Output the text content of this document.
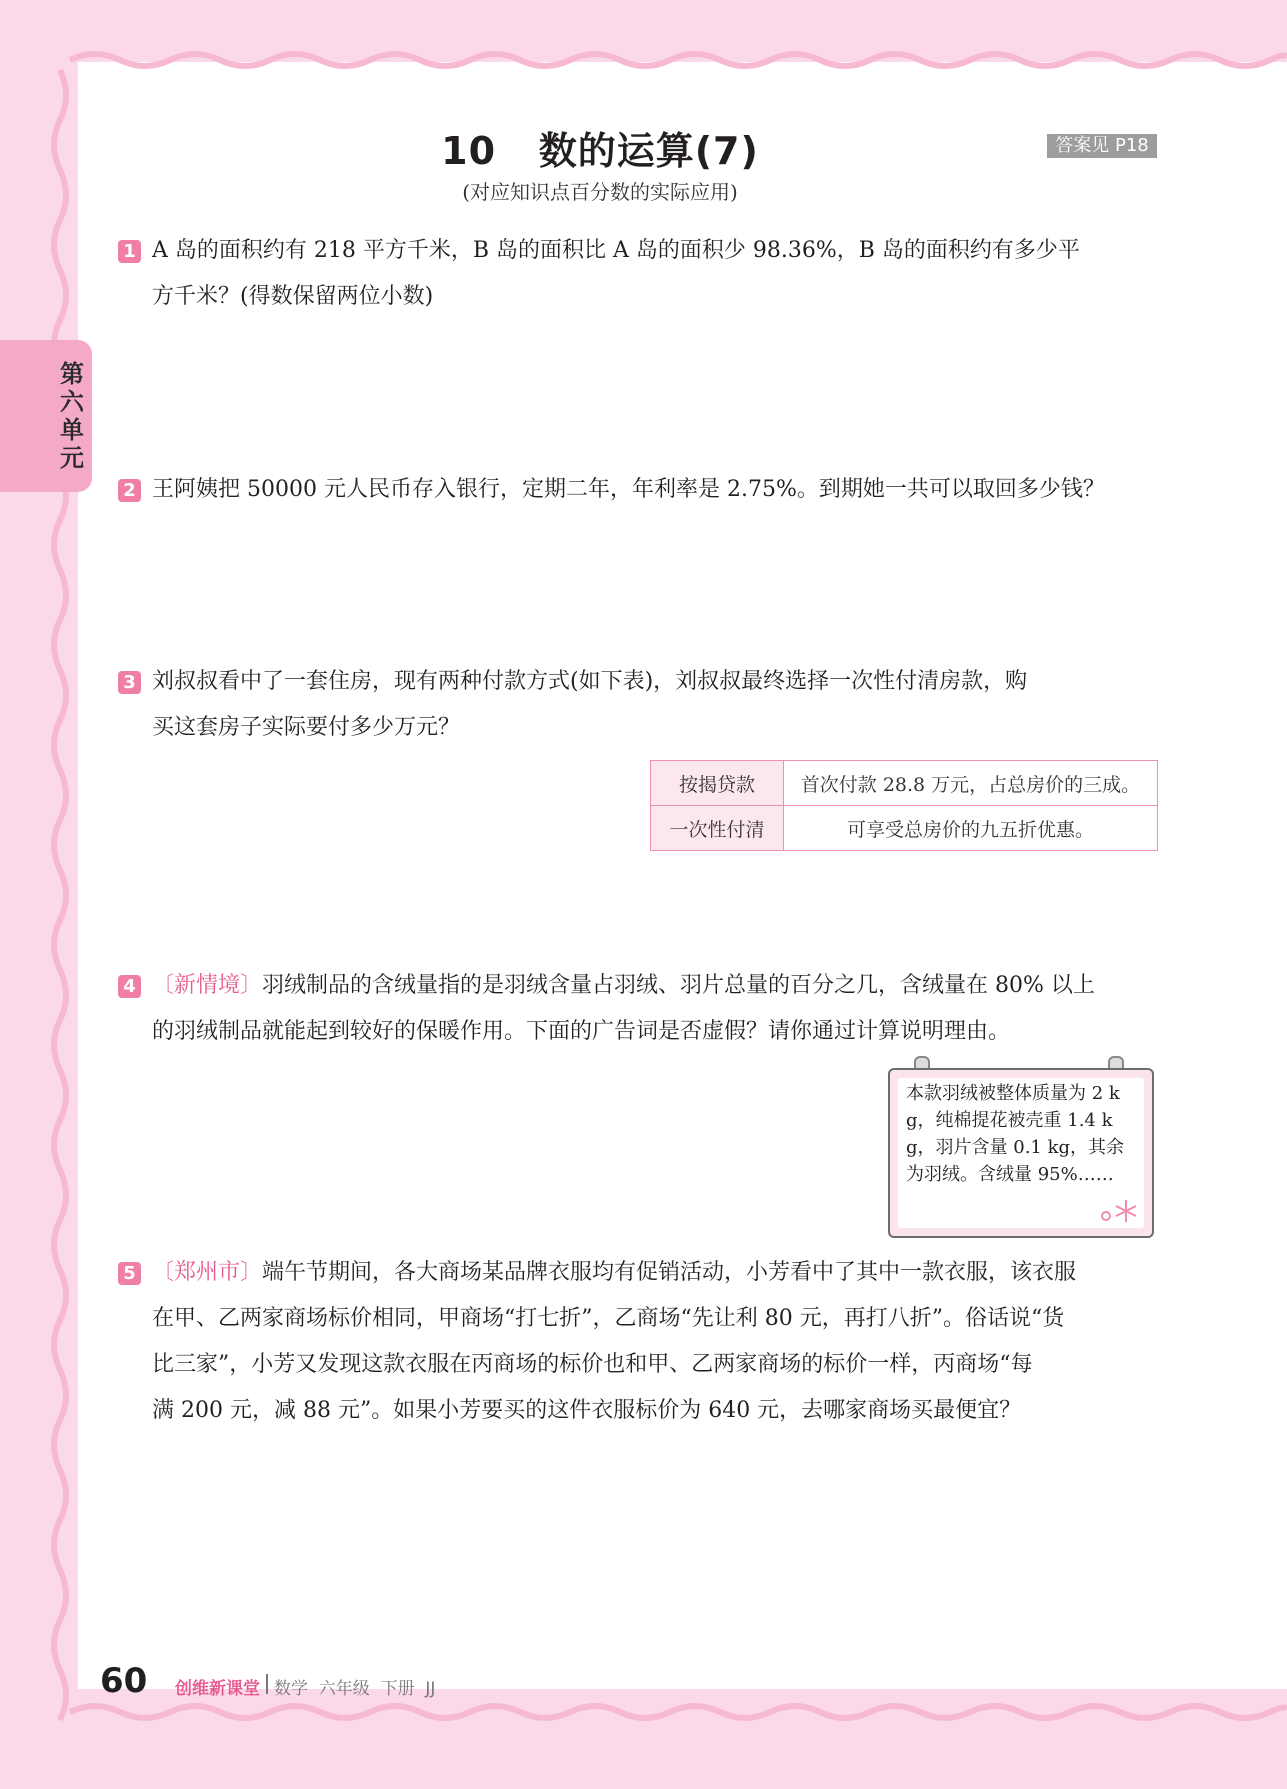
第六单元
10   数的运算(7)	答案见 P18
(对应知识点百分数的实际应用)
1 A 岛的面积约有 218 平方千米，B 岛的面积比 A 岛的面积少 98.36%，B 岛的面积约有多少平
方千米？(得数保留两位小数)
2 王阿姨把 50000 元人民币存入银行，定期二年，年利率是 2.75%。到期她一共可以取回多少钱？
3 刘叔叔看中了一套住房，现有两种付款方式(如下表)，刘叔叔最终选择一次性付清房款，购
买这套房子实际要付多少万元？
按揭贷款	首次付款 28.8 万元，占总房价的三成。
一次性付清	可享受总房价的九五折优惠。
4 〔新情境〕羽绒制品的含绒量指的是羽绒含量占羽绒、羽片总量的百分之几，含绒量在 80% 以上
的羽绒制品就能起到较好的保暖作用。下面的广告词是否虚假？请你通过计算说明理由。
本款羽绒被整体质量为 2 kg，纯棉提花被壳重 1.4 kg，羽片含量 0.1 kg，其余为羽绒。含绒量 95%……
5 〔郑州市〕端午节期间，各大商场某品牌衣服均有促销活动，小芳看中了其中一款衣服，该衣服
在甲、乙两家商场标价相同，甲商场“打七折”，乙商场“先让利 80 元，再打八折”。俗话说“货
比三家”，小芳又发现这款衣服在丙商场的标价也和甲、乙两家商场的标价一样，丙商场“每
满 200 元，减 88 元”。如果小芳要买的这件衣服标价为 640 元，去哪家商场买最便宜？
60 创维新课堂 数学  六年级  下册  JJ
